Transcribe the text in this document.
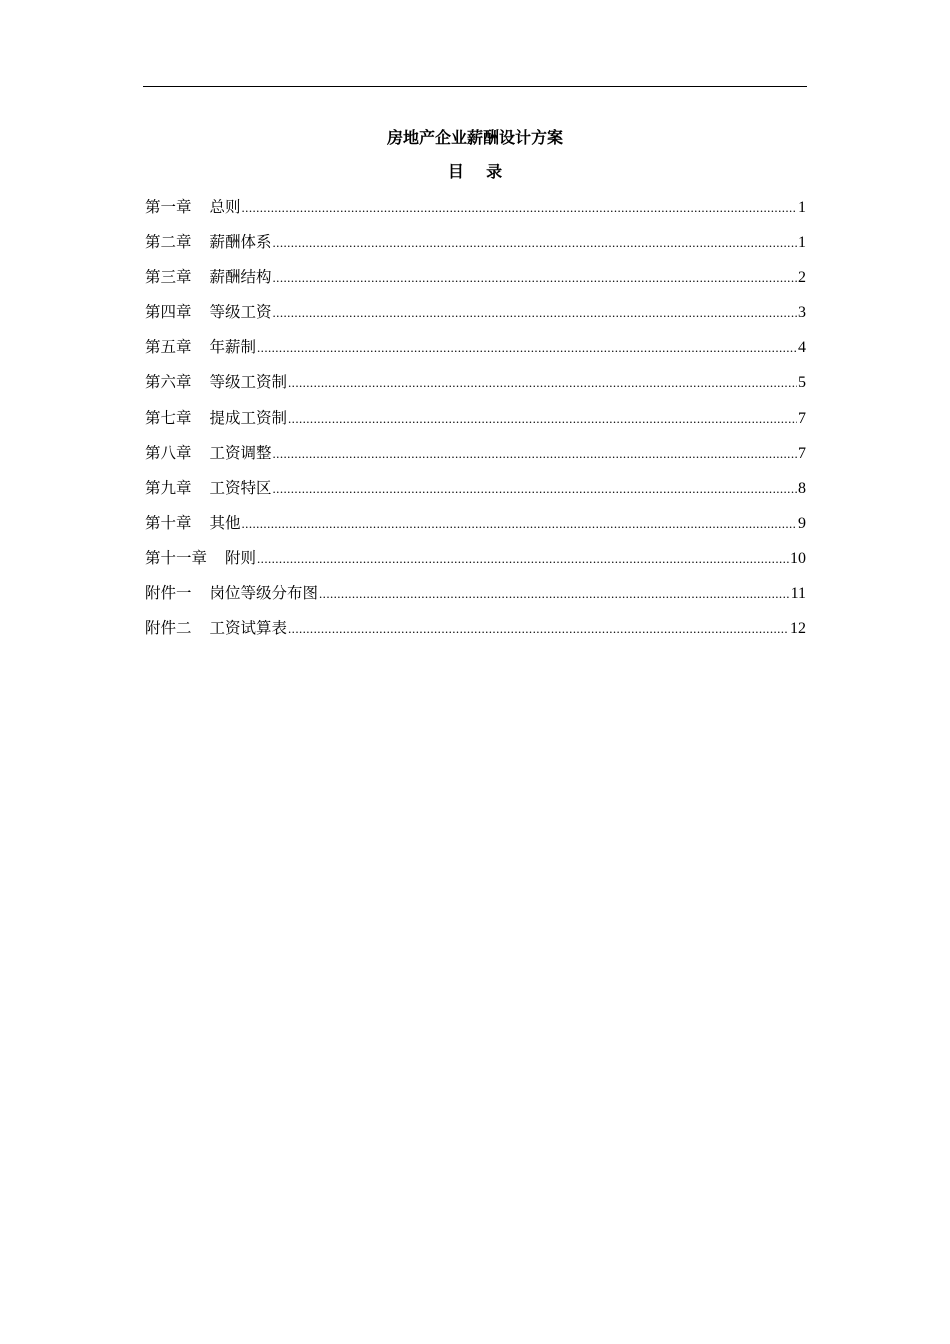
房地产企业薪酬设计方案
目    录
第一章 总则 .....	1
第二章 薪酬体系 .....	1
第三章 薪酬结构 .....	2
第四章 等级工资 .....	3
第五章 年薪制 .....	4
第六章 等级工资制 .....	5
第七章 提成工资制 .....	7
第八章 工资调整 .....	7
第九章 工资特区 .....	8
第十章 其他 .....	9
第十一章 附则 .....	10
附件一 岗位等级分布图 .....	11
附件二 工资试算表 .....	12
